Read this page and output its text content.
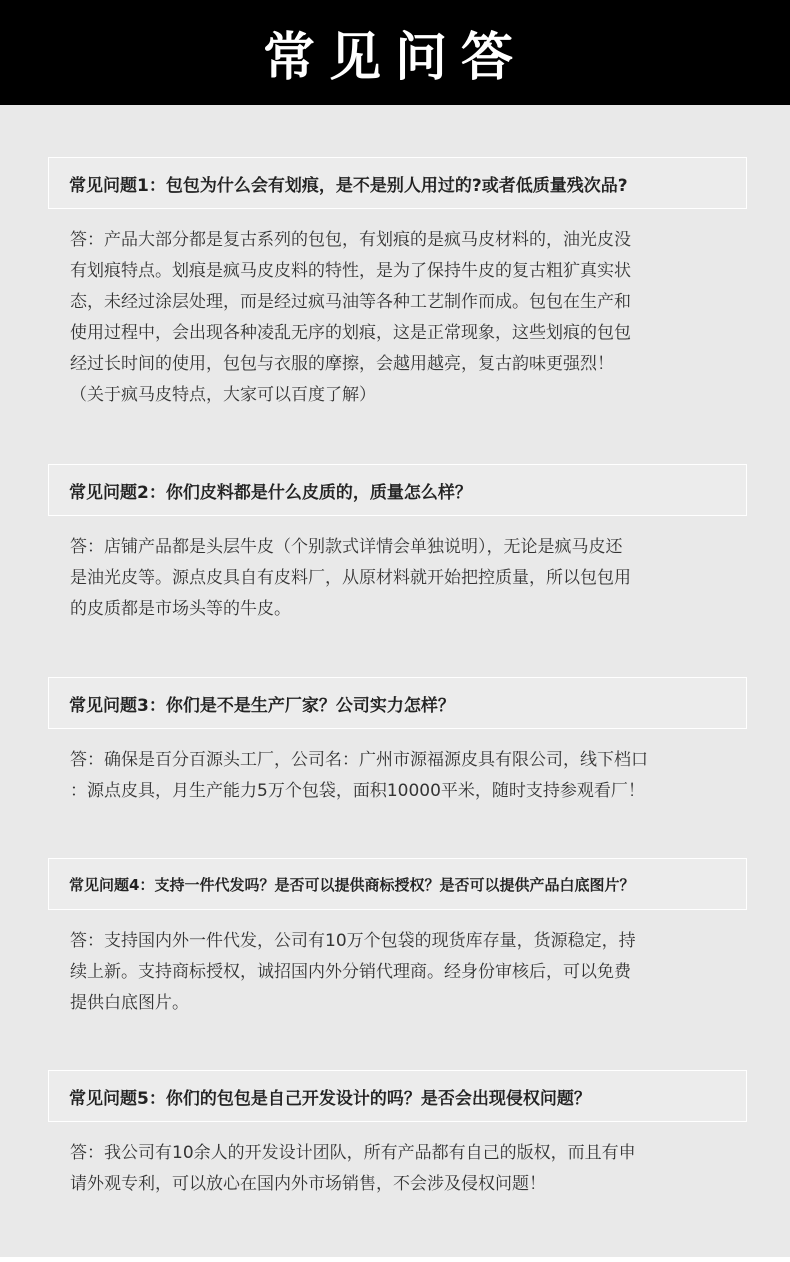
常见问答
常见问题1：包包为什么会有划痕，是不是别人用过的?或者低质量残次品?
答：产品大部分都是复古系列的包包，有划痕的是疯马皮材料的，油光皮没
有划痕特点。划痕是疯马皮皮料的特性，是为了保持牛皮的复古粗犷真实状
态，未经过涂层处理，而是经过疯马油等各种工艺制作而成。包包在生产和
使用过程中，会出现各种凌乱无序的划痕，这是正常现象，这些划痕的包包
经过长时间的使用，包包与衣服的摩擦，会越用越亮，复古韵味更强烈！
（关于疯马皮特点，大家可以百度了解）
常见问题2：你们皮料都是什么皮质的，质量怎么样？
答：店铺产品都是头层牛皮（个别款式详情会单独说明），无论是疯马皮还
是油光皮等。源点皮具自有皮料厂，从原材料就开始把控质量，所以包包用
的皮质都是市场头等的牛皮。
常见问题3：你们是不是生产厂家？公司实力怎样？
答：确保是百分百源头工厂，公司名：广州市源福源皮具有限公司，线下档口
：源点皮具，月生产能力5万个包袋，面积10000平米，随时支持参观看厂！
常见问题4：支持一件代发吗？是否可以提供商标授权？是否可以提供产品白底图片？
答：支持国内外一件代发，公司有10万个包袋的现货库存量，货源稳定，持
续上新。支持商标授权，诚招国内外分销代理商。经身份审核后，可以免费
提供白底图片。
常见问题5：你们的包包是自己开发设计的吗？是否会出现侵权问题？
答：我公司有10余人的开发设计团队，所有产品都有自己的版权，而且有申
请外观专利，可以放心在国内外市场销售，不会涉及侵权问题！
